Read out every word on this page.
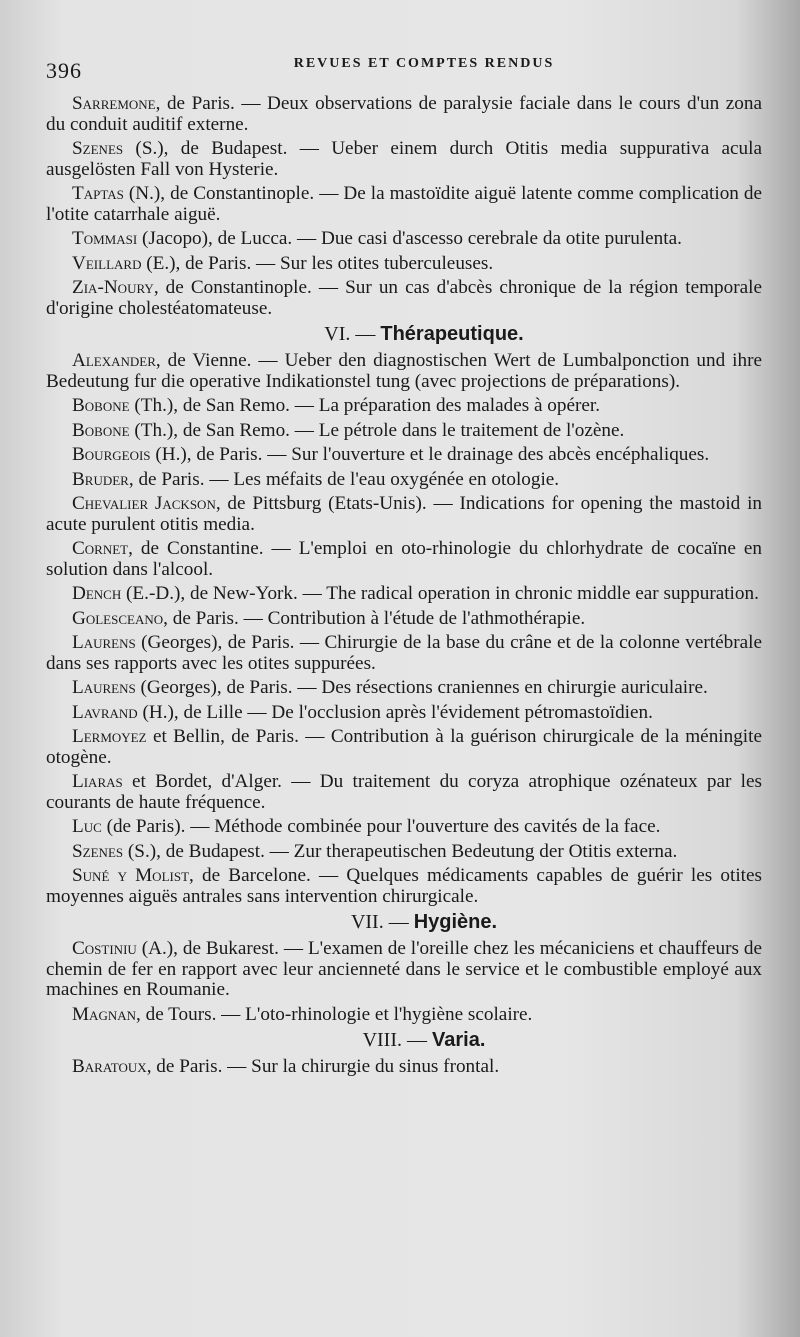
396	REVUES ET COMPTES RENDUS

Sarremone, de Paris. — Deux observations de paralysie faciale dans le cours d'un zona du conduit auditif externe.

Szenes (S.), de Budapest. — Ueber einem durch Otitis media suppurativa acula ausgelösten Fall von Hysterie.

Taptas (N.), de Constantinople. — De la mastoïdite aiguë latente comme complication de l'otite catarrhale aiguë.

Tommasi (Jacopo), de Lucca. — Due casi d'ascesso cerebrale da otite purulenta.

Veillard (E.), de Paris. — Sur les otites tuberculeuses.

Zia-Noury, de Constantinople. — Sur un cas d'abcès chronique de la région temporale d'origine cholestéatomateuse.

VI. — Thérapeutique.

Alexander, de Vienne. — Ueber den diagnostischen Wert de Lumbalponction und ihre Bedeutung fur die operative Indikationstel tung (avec projections de préparations).

Bobone (Th.), de San Remo. — La préparation des malades à opérer.

Bobone (Th.), de San Remo. — Le pétrole dans le traitement de l'ozène.

Bourgeois (H.), de Paris. — Sur l'ouverture et le drainage des abcès encéphaliques.

Bruder, de Paris. — Les méfaits de l'eau oxygénée en otologie.

Chevalier Jackson, de Pittsburg (Etats-Unis). — Indications for opening the mastoid in acute purulent otitis media.

Cornet, de Constantine. — L'emploi en oto-rhinologie du chlorhydrate de cocaïne en solution dans l'alcool.

Dench (E.-D.), de New-York. — The radical operation in chronic middle ear suppuration.

Golesceano, de Paris. — Contribution à l'étude de l'athmothérapie.

Laurens (Georges), de Paris. — Chirurgie de la base du crâne et de la colonne vertébrale dans ses rapports avec les otites suppurées.

Laurens (Georges), de Paris. — Des résections craniennes en chirurgie auriculaire.

Lavrand (H.), de Lille — De l'occlusion après l'évidement pétromastoïdien.

Lermoyez et Bellin, de Paris. — Contribution à la guérison chirurgicale de la méningite otogène.

Liaras et Bordet, d'Alger. — Du traitement du coryza atrophique ozénateux par les courants de haute fréquence.

Luc (de Paris). — Méthode combinée pour l'ouverture des cavités de la face.

Szenes (S.), de Budapest. — Zur therapeutischen Bedeutung der Otitis externa.

Suné y Molist, de Barcelone. — Quelques médicaments capables de guérir les otites moyennes aiguës antrales sans intervention chirurgicale.

VII. — Hygiène.

Costiniu (A.), de Bukarest. — L'examen de l'oreille chez les mécaniciens et chauffeurs de chemin de fer en rapport avec leur ancienneté dans le service et le combustible employé aux machines en Roumanie.

Magnan, de Tours. — L'oto-rhinologie et l'hygiène scolaire.

VIII. — Varia.

Baratoux, de Paris. — Sur la chirurgie du sinus frontal.
